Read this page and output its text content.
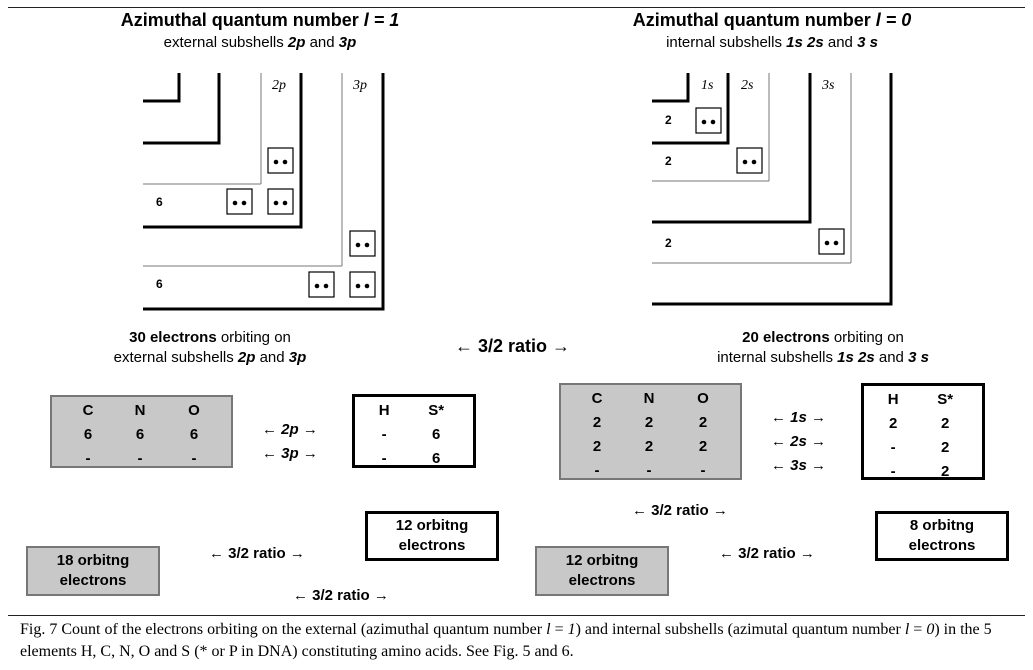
Azimuthal quantum number l = 1
external subshells 2p and 3p
Azimuthal quantum number l = 0
internal subshells 1s 2s and 3 s
2p	3p
6
6
1s 2s	3s
2
2
2
30 electrons orbiting on
external subshells 2p and 3p
20 electrons orbiting on
internal subshells 1s 2s and 3 s
← 3/2 ratio →
C	N	O
6	6	6
-	-	-
← 2p →
← 3p →
H	S*
-	6
-	6
C	N	O
2	2	2
2	2	2
-	-	-
← 1s →
← 2s →
← 3s →
H	S*
2	2
-	2
-	2
← 3/2 ratio →
← 3/2 ratio →	← 3/2 ratio →
← 3/2 ratio →
18 orbitng
electrons
12 orbitng
electrons
12 orbitng
electrons
8 orbitng
electrons
Fig. 7 Count of the electrons orbiting on the external (azimuthal quantum number l = 1) and internal subshells (azimutal quantum number l = 0) in the 5 elements H, C, N, O and S (* or P in DNA) constituting amino acids. See Fig. 5 and 6.
